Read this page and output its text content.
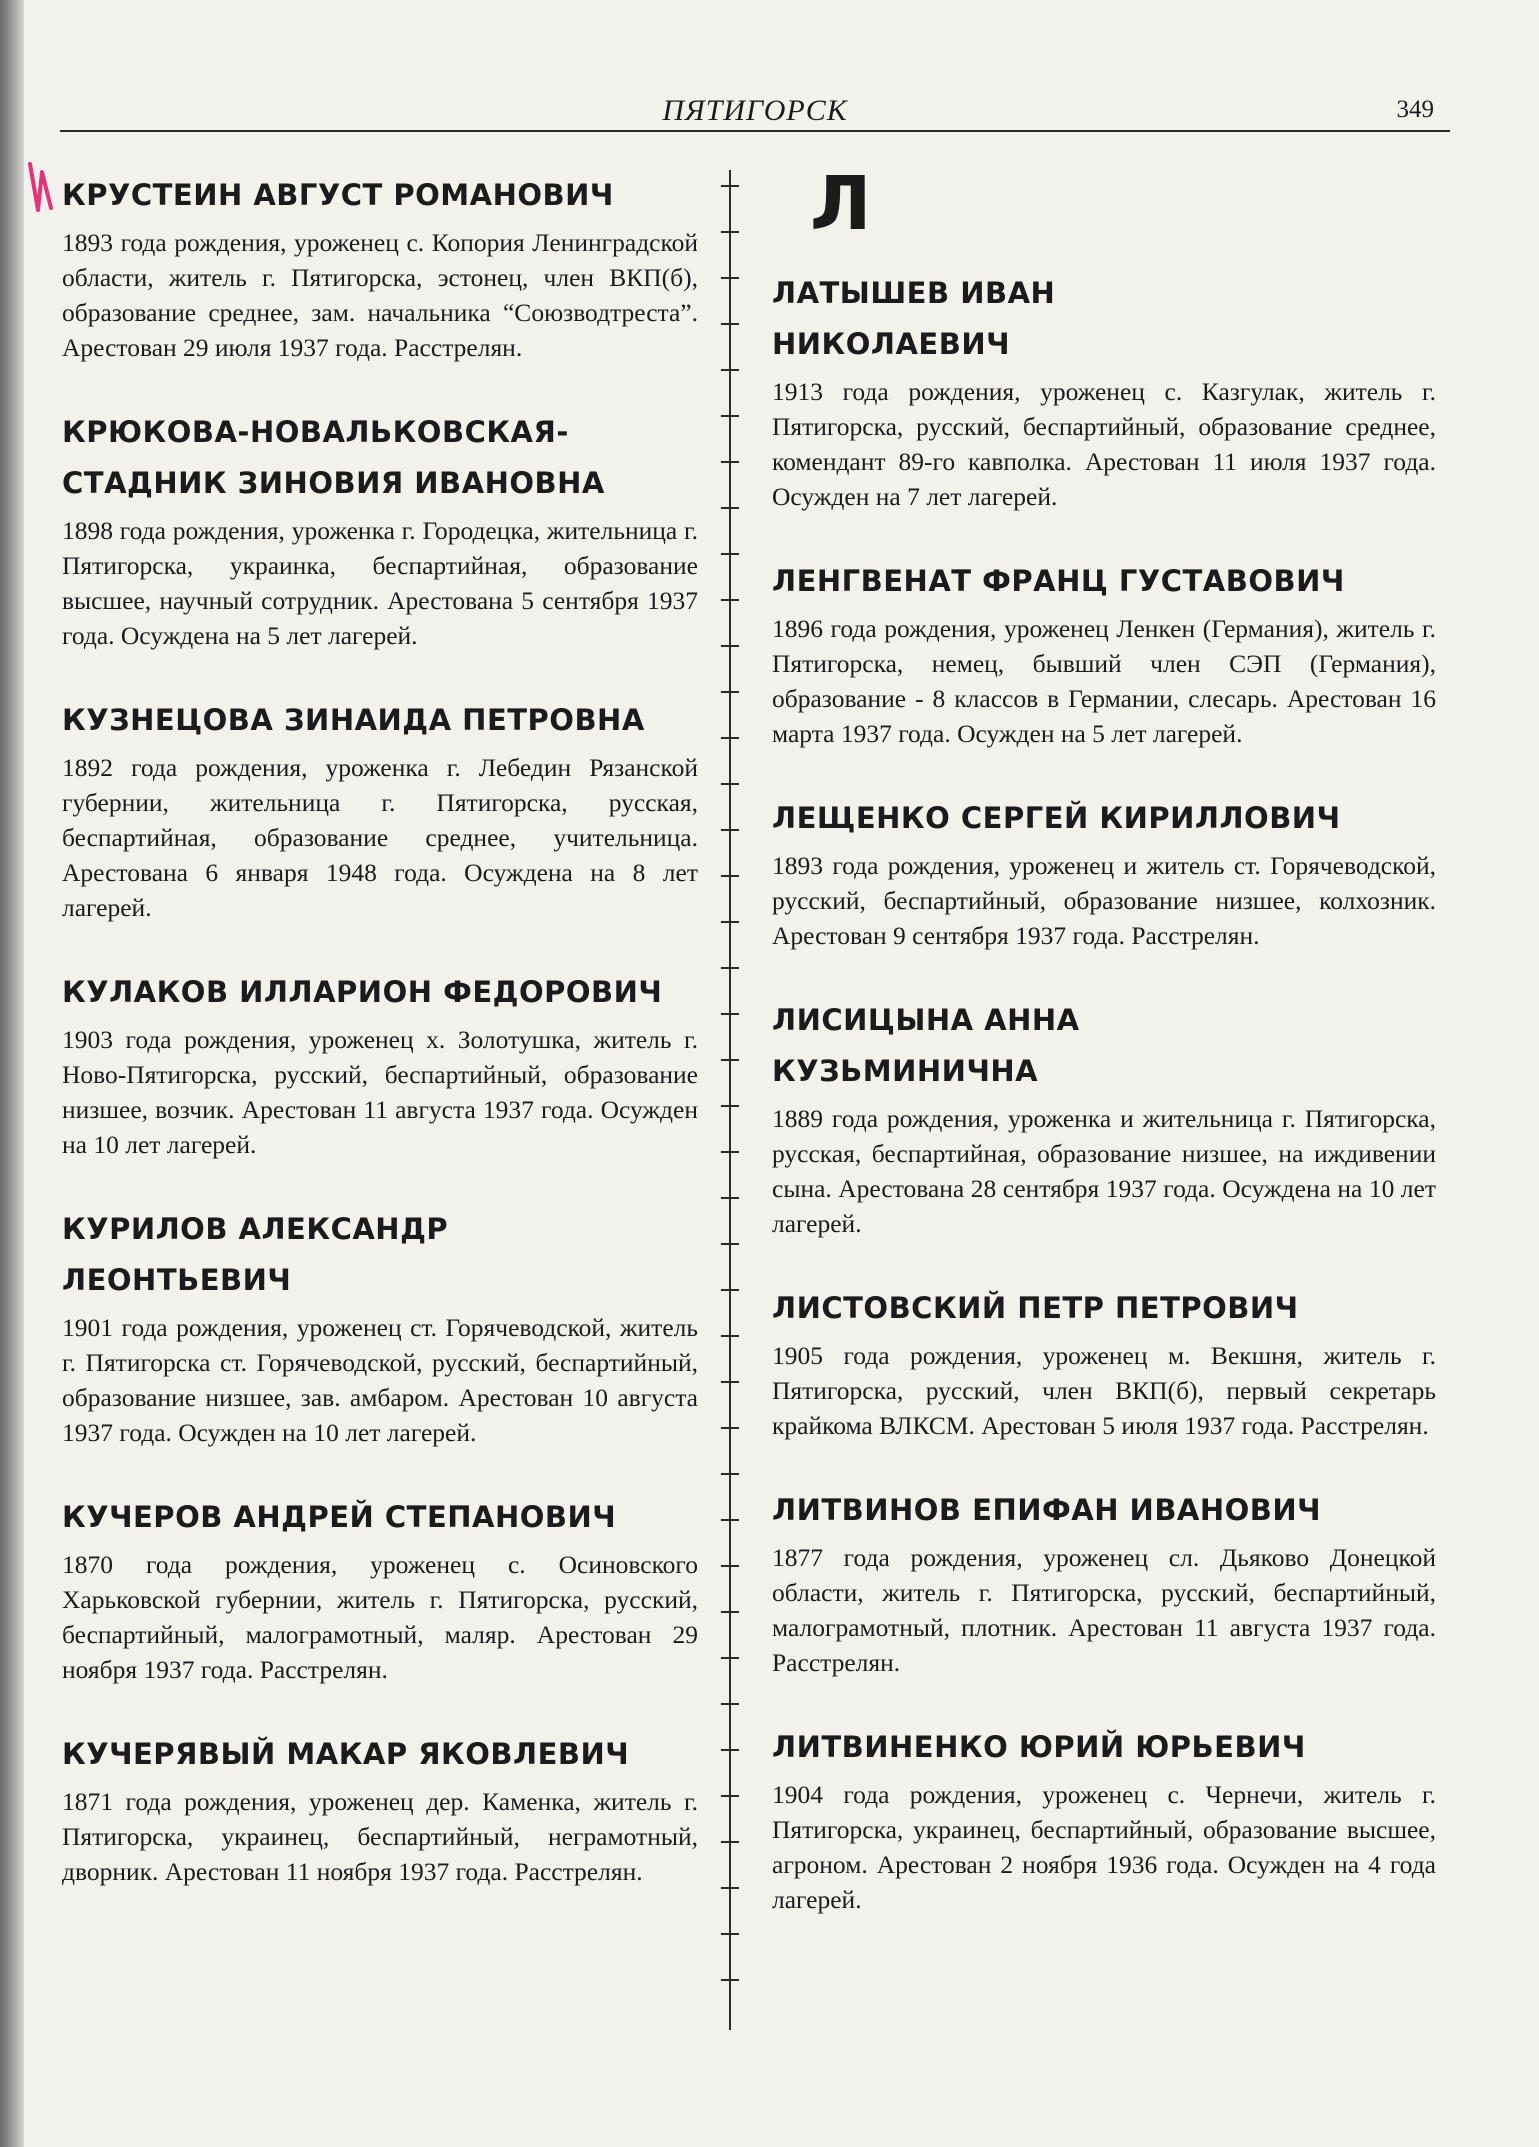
ПЯТИГОРСК	349
КРУСТЕИН АВГУСТ РОМАНОВИЧ
1893 года рождения, уроженец с. Копория Ленинградской области, житель г. Пятигорска, эстонец, член ВКП(б), образование среднее, зам. начальника “Союзводтреста”. Арестован 29 июля 1937 года. Расстрелян.
КРЮКОВА-НОВАЛЬКОВСКАЯ- СТАДНИК ЗИНОВИЯ ИВАНОВНА
1898 года рождения, уроженка г. Городецка, жительница г. Пятигорска, украинка, беспартийная, образование высшее, научный сотрудник. Арестована 5 сентября 1937 года. Осуждена на 5 лет лагерей.
КУЗНЕЦОВА ЗИНАИДА ПЕТРОВНА
1892 года рождения, уроженка г. Лебедин Рязанской губернии, жительница г. Пятигорска, русская, беспартийная, образование среднее, учительница. Арестована 6 января 1948 года. Осуждена на 8 лет лагерей.
КУЛАКОВ ИЛЛАРИОН ФЕДОРОВИЧ
1903 года рождения, уроженец х. Золотушка, житель г. Ново-Пятигорска, русский, беспартийный, образование низшее, возчик. Арестован 11 августа 1937 года. Осужден на 10 лет лагерей.
КУРИЛОВ АЛЕКСАНДР ЛЕОНТЬЕВИЧ
1901 года рождения, уроженец ст. Горячеводской, житель г. Пятигорска ст. Горячеводской, русский, беспартийный, образование низшее, зав. амбаром. Арестован 10 августа 1937 года. Осужден на 10 лет лагерей.
КУЧЕРОВ АНДРЕЙ СТЕПАНОВИЧ
1870 года рождения, уроженец с. Осиновского Харьковской губернии, житель г. Пятигорска, русский, беспартийный, малограмотный, маляр. Арестован 29 ноября 1937 года. Расстрелян.
КУЧЕРЯВЫЙ МАКАР ЯКОВЛЕВИЧ
1871 года рождения, уроженец дер. Каменка, житель г. Пятигорска, украинец, беспартийный, неграмотный, дворник. Арестован 11 ноября 1937 года. Расстрелян.
Л
ЛАТЫШЕВ ИВАН НИКОЛАЕВИЧ
1913 года рождения, уроженец с. Казгулак, житель г. Пятигорска, русский, беспартийный, образование среднее, комендант 89-го кавполка. Арестован 11 июля 1937 года. Осужден на 7 лет лагерей.
ЛЕНГВЕНАТ ФРАНЦ ГУСТАВОВИЧ
1896 года рождения, уроженец Ленкен (Германия), житель г. Пятигорска, немец, бывший член СЭП (Германия), образование - 8 классов в Германии, слесарь. Арестован 16 марта 1937 года. Осужден на 5 лет лагерей.
ЛЕЩЕНКО СЕРГЕЙ КИРИЛЛОВИЧ
1893 года рождения, уроженец и житель ст. Горячеводской, русский, беспартийный, образование низшее, колхозник. Арестован 9 сентября 1937 года. Расстрелян.
ЛИСИЦЫНА АННА КУЗЬМИНИЧНА
1889 года рождения, уроженка и жительница г. Пятигорска, русская, беспартийная, образование низшее, на иждивении сына. Арестована 28 сентября 1937 года. Осуждена на 10 лет лагерей.
ЛИСТОВСКИЙ ПЕТР ПЕТРОВИЧ
1905 года рождения, уроженец м. Векшня, житель г. Пятигорска, русский, член ВКП(б), первый секретарь крайкома ВЛКСМ. Арестован 5 июля 1937 года. Расстрелян.
ЛИТВИНОВ ЕПИФАН ИВАНОВИЧ
1877 года рождения, уроженец сл. Дьяково Донецкой области, житель г. Пятигорска, русский, беспартийный, малограмотный, плотник. Арестован 11 августа 1937 года. Расстрелян.
ЛИТВИНЕНКО ЮРИЙ ЮРЬЕВИЧ
1904 года рождения, уроженец с. Чернечи, житель г. Пятигорска, украинец, беспартийный, образование высшее, агроном. Арестован 2 ноября 1936 года. Осужден на 4 года лагерей.
